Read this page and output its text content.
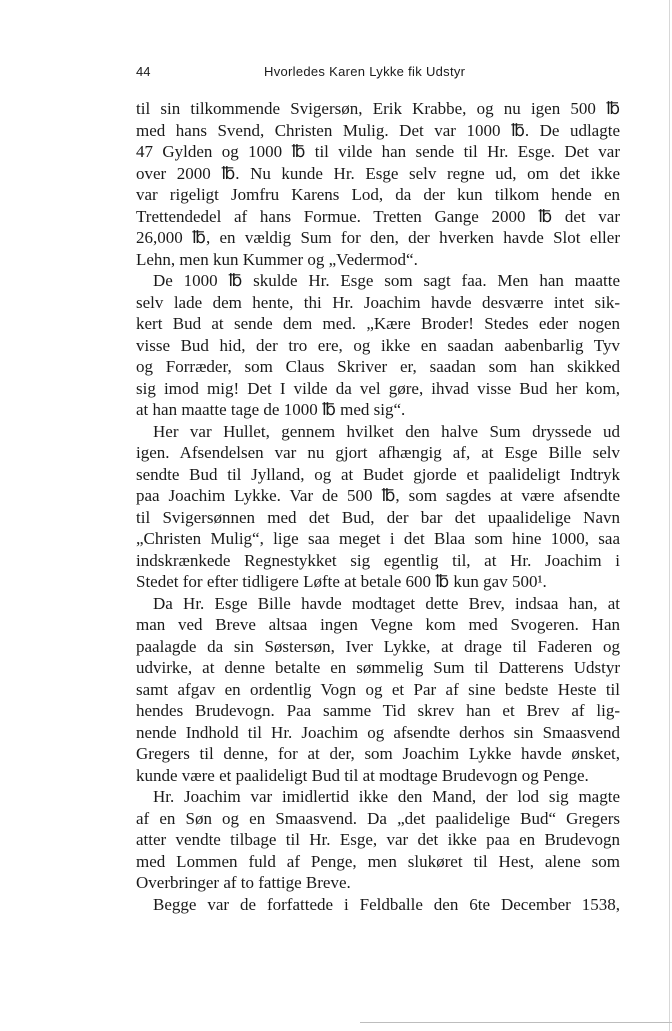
44	Hvorledes Karen Lykke fik Udstyr
til sin tilkommende Svigersøn, Erik Krabbe, og nu igen 500 ℔
med hans Svend, Christen Mulig. Det var 1000 ℔. De udlagte
47 Gylden og 1000 ℔ til vilde han sende til Hr. Esge. Det var
over 2000 ℔. Nu kunde Hr. Esge selv regne ud, om det ikke
var rigeligt Jomfru Karens Lod, da der kun tilkom hende en
Trettendedel af hans Formue. Tretten Gange 2000 ℔ det var
26,000 ℔, en vældig Sum for den, der hverken havde Slot eller
Lehn, men kun Kummer og „Vedermod“.
De 1000 ℔ skulde Hr. Esge som sagt faa. Men han maatte
selv lade dem hente, thi Hr. Joachim havde desværre intet sik-
kert Bud at sende dem med. „Kære Broder! Stedes eder nogen
visse Bud hid, der tro ere, og ikke en saadan aabenbarlig Tyv
og Forræder, som Claus Skriver er, saadan som han skikked
sig imod mig! Det I vilde da vel gøre, ihvad visse Bud her kom,
at han maatte tage de 1000 ℔ med sig“.
Her var Hullet, gennem hvilket den halve Sum dryssede ud
igen. Afsendelsen var nu gjort afhængig af, at Esge Bille selv
sendte Bud til Jylland, og at Budet gjorde et paalideligt Indtryk
paa Joachim Lykke. Var de 500 ℔, som sagdes at være afsendte
til Svigersønnen med det Bud, der bar det upaalidelige Navn
„Christen Mulig“, lige saa meget i det Blaa som hine 1000, saa
indskrænkede Regnestykket sig egentlig til, at Hr. Joachim i
Stedet for efter tidligere Løfte at betale 600 ℔ kun gav 500¹.
Da Hr. Esge Bille havde modtaget dette Brev, indsaa han, at
man ved Breve altsaa ingen Vegne kom med Svogeren. Han
paalagde da sin Søstersøn, Iver Lykke, at drage til Faderen og
udvirke, at denne betalte en sømmelig Sum til Datterens Udstyr
samt afgav en ordentlig Vogn og et Par af sine bedste Heste til
hendes Brudevogn. Paa samme Tid skrev han et Brev af lig-
nende Indhold til Hr. Joachim og afsendte derhos sin Smaasvend
Gregers til denne, for at der, som Joachim Lykke havde ønsket,
kunde være et paalideligt Bud til at modtage Brudevogn og Penge.
Hr. Joachim var imidlertid ikke den Mand, der lod sig magte
af en Søn og en Smaasvend. Da „det paalidelige Bud“ Gregers
atter vendte tilbage til Hr. Esge, var det ikke paa en Brudevogn
med Lommen fuld af Penge, men slukøret til Hest, alene som
Overbringer af to fattige Breve.
Begge var de forfattede i Feldballe den 6te December 1538,
